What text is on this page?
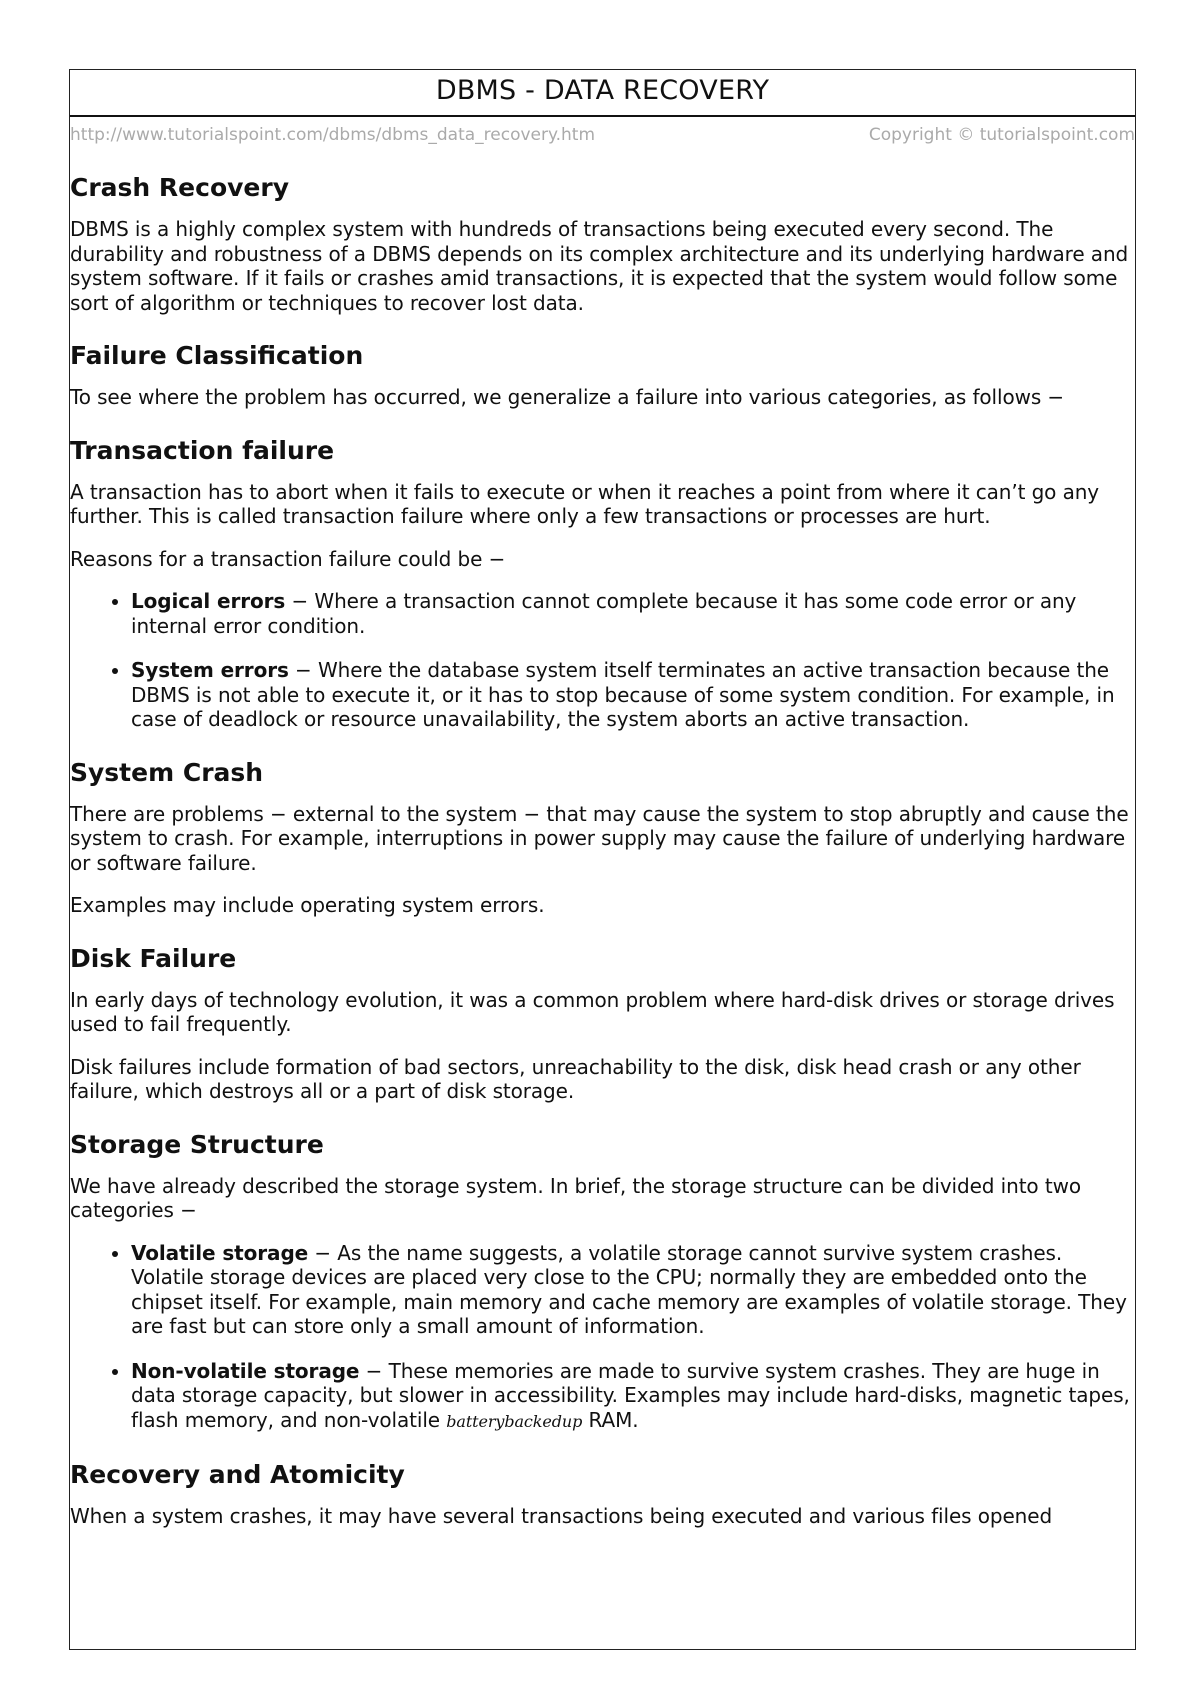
DBMS - DATA RECOVERY
http://www.tutorialspoint.com/dbms/dbms_data_recovery.htm	Copyright © tutorialspoint.com
Crash Recovery

DBMS is a highly complex system with hundreds of transactions being executed every second. The durability and robustness of a DBMS depends on its complex architecture and its underlying hardware and system software. If it fails or crashes amid transactions, it is expected that the system would follow some sort of algorithm or techniques to recover lost data.

Failure Classification

To see where the problem has occurred, we generalize a failure into various categories, as follows −

Transaction failure

A transaction has to abort when it fails to execute or when it reaches a point from where it can’t go any further. This is called transaction failure where only a few transactions or processes are hurt.

Reasons for a transaction failure could be −

• Logical errors − Where a transaction cannot complete because it has some code error or any internal error condition.
• System errors − Where the database system itself terminates an active transaction because the DBMS is not able to execute it, or it has to stop because of some system condition. For example, in case of deadlock or resource unavailability, the system aborts an active transaction.
System Crash

There are problems − external to the system − that may cause the system to stop abruptly and cause the system to crash. For example, interruptions in power supply may cause the failure of underlying hardware or software failure.

Examples may include operating system errors.

Disk Failure

In early days of technology evolution, it was a common problem where hard-disk drives or storage drives used to fail frequently.

Disk failures include formation of bad sectors, unreachability to the disk, disk head crash or any other failure, which destroys all or a part of disk storage.

Storage Structure

We have already described the storage system. In brief, the storage structure can be divided into two categories −

• Volatile storage − As the name suggests, a volatile storage cannot survive system crashes. Volatile storage devices are placed very close to the CPU; normally they are embedded onto the chipset itself. For example, main memory and cache memory are examples of volatile storage. They are fast but can store only a small amount of information.
• Non-volatile storage − These memories are made to survive system crashes. They are huge in data storage capacity, but slower in accessibility. Examples may include hard-disks, magnetic tapes, flash memory, and non-volatile batterybackedup RAM.
Recovery and Atomicity

When a system crashes, it may have several transactions being executed and various files opened
